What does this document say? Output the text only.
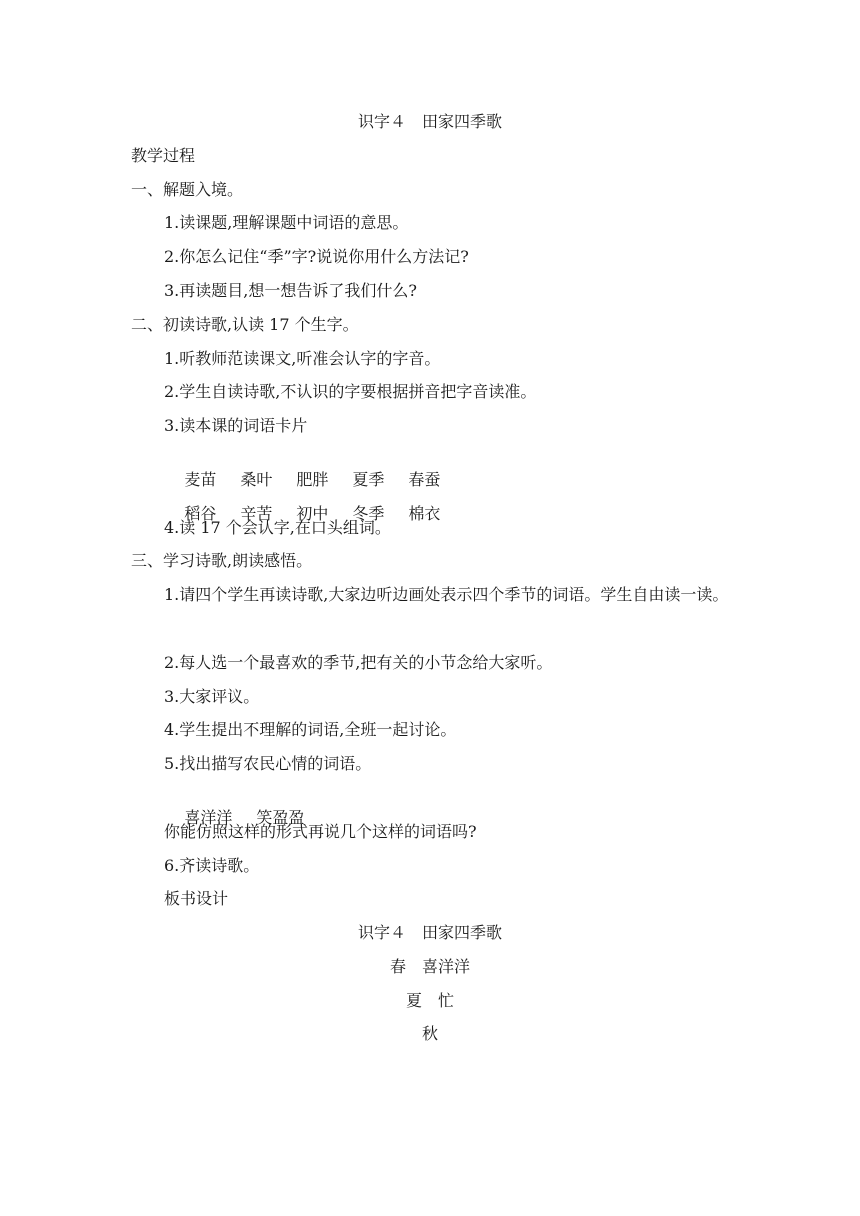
识字４　田家四季歌
教学过程
一、解题入境。
1.读课题,理解课题中词语的意思。
2.你怎么记住“季”字?说说你用什么方法记?
3.再读题目,想一想告诉了我们什么?
二、初读诗歌,认读 17 个生字。
1.听教师范读课文,听准会认字的字音。
2.学生自读诗歌,不认识的字要根据拼音把字音读准。
3.读本课的词语卡片

麦苗 桑叶 肥胖 夏季 春蚕

稻谷 辛苦 初中 冬季 棉衣

4.读 17 个会认字,在口头组词。
三、学习诗歌,朗读感悟。
1.请四个学生再读诗歌,大家边听边画处表示四个季节的词语。学生自由读一读。
2.每人选一个最喜欢的季节,把有关的小节念给大家听。
3.大家评议。
4.学生提出不理解的词语,全班一起讨论。
5.找出描写农民心情的词语。

喜洋洋 笑盈盈

你能仿照这样的形式再说几个这样的词语吗?
6.齐读诗歌。
板书设计
识字４　田家四季歌
春　喜洋洋
夏　忙
秋
